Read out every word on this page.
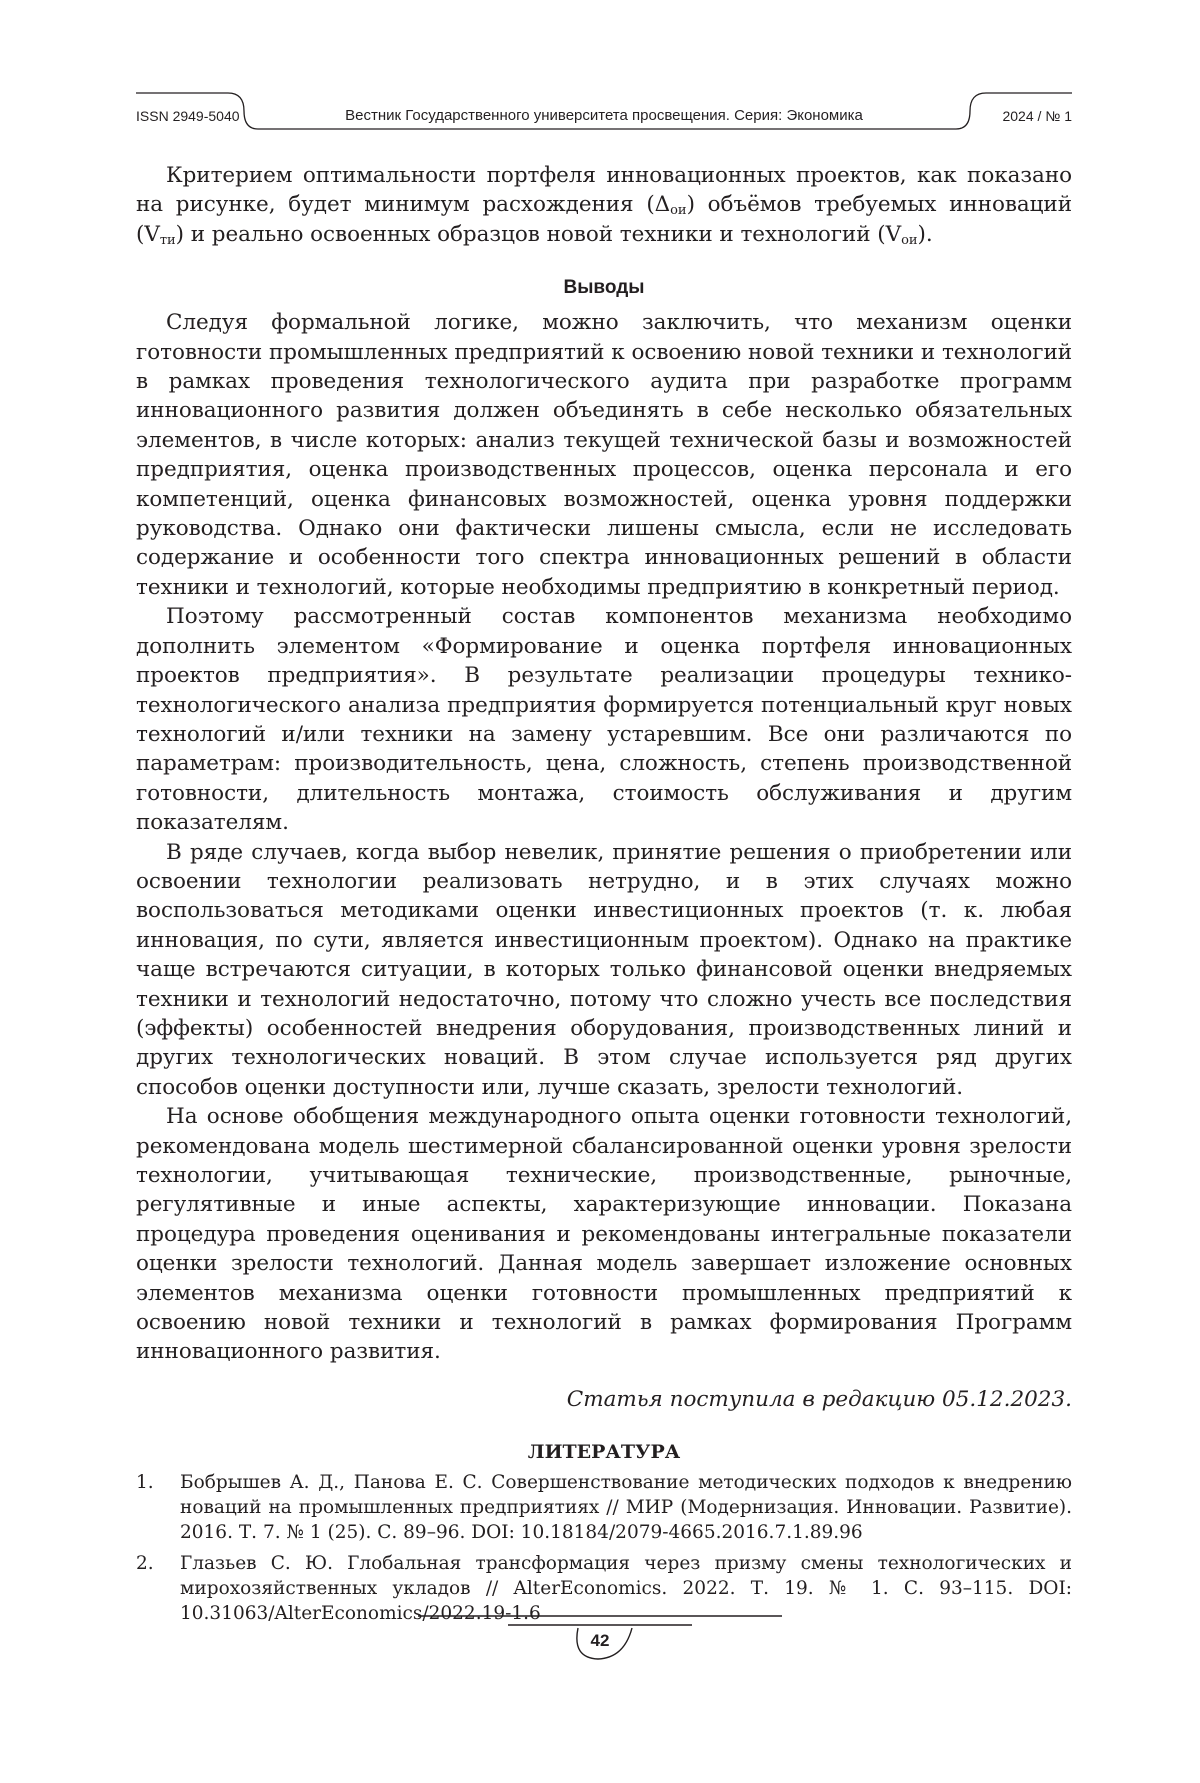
ISSN 2949-5040	Вестник Государственного университета просвещения. Серия: Экономика	2024 / № 1

Критерием оптимальности портфеля инновационных проектов, как показано на рисунке, будет минимум расхождения $(\Delta_{ои})$ объёмов требуемых инноваций $(V_{ти})$ и реально освоенных образцов новой техники и технологий $(V_{ои})$.

Выводы

Следуя формальной логике, можно заключить, что механизм оценки готовности промышленных предприятий к освоению новой техники и технологий в рамках проведения технологического аудита при разработке программ инновационного развития должен объединять в себе несколько обязательных элементов, в числе которых: анализ текущей технической базы и возможностей предприятия, оценка производственных процессов, оценка персонала и его компетенций, оценка финансовых возможностей, оценка уровня поддержки руководства. Однако они фактически лишены смысла, если не исследовать содержание и особенности того спектра инновационных решений в области техники и технологий, которые необходимы предприятию в конкретный период.

Поэтому рассмотренный состав компонентов механизма необходимо дополнить элементом «Формирование и оценка портфеля инновационных проектов предприятия». В результате реализации процедуры технико-технологического анализа предприятия формируется потенциальный круг новых технологий и/или техники на замену устаревшим. Все они различаются по параметрам: производительность, цена, сложность, степень производственной готовности, длительность монтажа, стоимость обслуживания и другим показателям.

В ряде случаев, когда выбор невелик, принятие решения о приобретении или освоении технологии реализовать нетрудно, и в этих случаях можно воспользоваться методиками оценки инвестиционных проектов (т. к. любая инновация, по сути, является инвестиционным проектом). Однако на практике чаще встречаются ситуации, в которых только финансовой оценки внедряемых техники и технологий недостаточно, потому что сложно учесть все последствия (эффекты) особенностей внедрения оборудования, производственных линий и других технологических новаций. В этом случае используется ряд других способов оценки доступности или, лучше сказать, зрелости технологий.

На основе обобщения международного опыта оценки готовности технологий, рекомендована модель шестимерной сбалансированной оценки уровня зрелости технологии, учитывающая технические, производственные, рыночные, регулятивные и иные аспекты, характеризующие инновации. Показана процедура проведения оценивания и рекомендованы интегральные показатели оценки зрелости технологий. Данная модель завершает изложение основных элементов механизма оценки готовности промышленных предприятий к освоению новой техники и технологий в рамках формирования Программ инновационного развития.

Статья поступила в редакцию 05.12.2023.

ЛИТЕРАТУРА
1. Бобрышев А. Д., Панова Е. С. Совершенствование методических подходов к внедрению новаций на промышленных предприятиях // МИР (Модернизация. Инновации. Развитие). 2016. Т. 7. № 1 (25). С. 89–96. DOI: 10.18184/2079-4665.2016.7.1.89.96
2. Глазьев С. Ю. Глобальная трансформация через призму смены технологических и мирохозяйственных укладов // AlterEconomics. 2022. Т. 19. № 1. С. 93–115. DOI: 10.31063/AlterEconomics/2022.19-1.6
42
